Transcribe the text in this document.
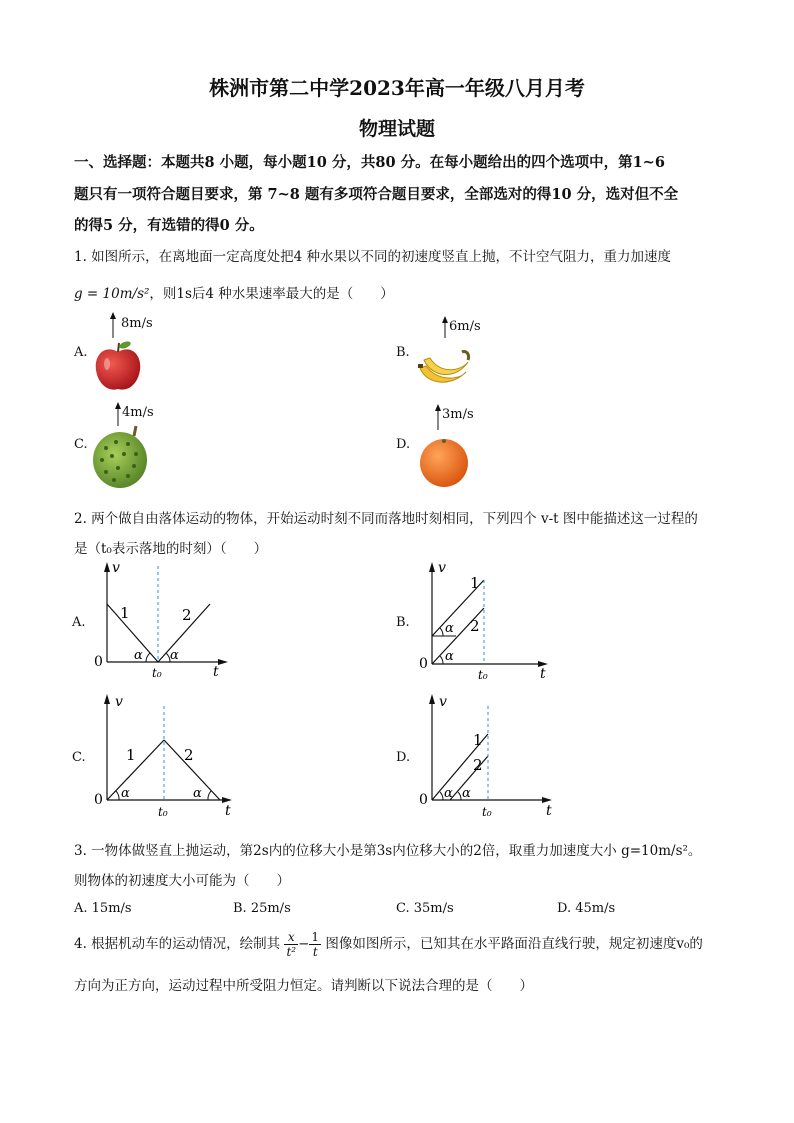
株洲市第二中学2023年高一年级八月月考
物理试题
一、选择题：本题共8 小题，每小题10 分，共80 分。在每小题给出的四个选项中，第1~6
题只有一项符合题目要求，第 7~8 题有多项符合题目要求，全部选对的得10 分，选对但不全
的得5 分，有选错的得0 分。
1. 如图所示，在离地面一定高度处把4 种水果以不同的初速度竖直上抛，不计空气阻力，重力加速度
g = 10m/s²，则1s后4 种水果速率最大的是（　　）
A.
8m/s
B.
6m/s
C.
4m/s
D.
3m/s
2. 两个做自由落体运动的物体，开始运动时刻不同而落地时刻相同，下列四个 v-t 图中能描述这一过程的
是（t₀表示落地的时刻）（　　）
A.
v
t
0
t₀
1	2
α α
B.
v
t
0
t₀
1
2
α
α
C.
v
t
0
t₀
1	2
α	α
D.
v
t
0
t₀
1
2
α α
3. 一物体做竖直上抛运动，第2s内的位移大小是第3s内位移大小的2倍，取重力加速度大小 g=10m/s²。
则物体的初速度大小可能为（　　）
A. 15m/s	B. 25m/s	C. 35m/s	D. 45m/s
4. 根据机动车的运动情况，绘制其 $\frac{x}{\text{t²}} - \frac{1}{t}$ 图像如图所示，已知其在水平路面沿直线行驶，规定初速度v₀的
方向为正方向，运动过程中所受阻力恒定。请判断以下说法合理的是（　　）
